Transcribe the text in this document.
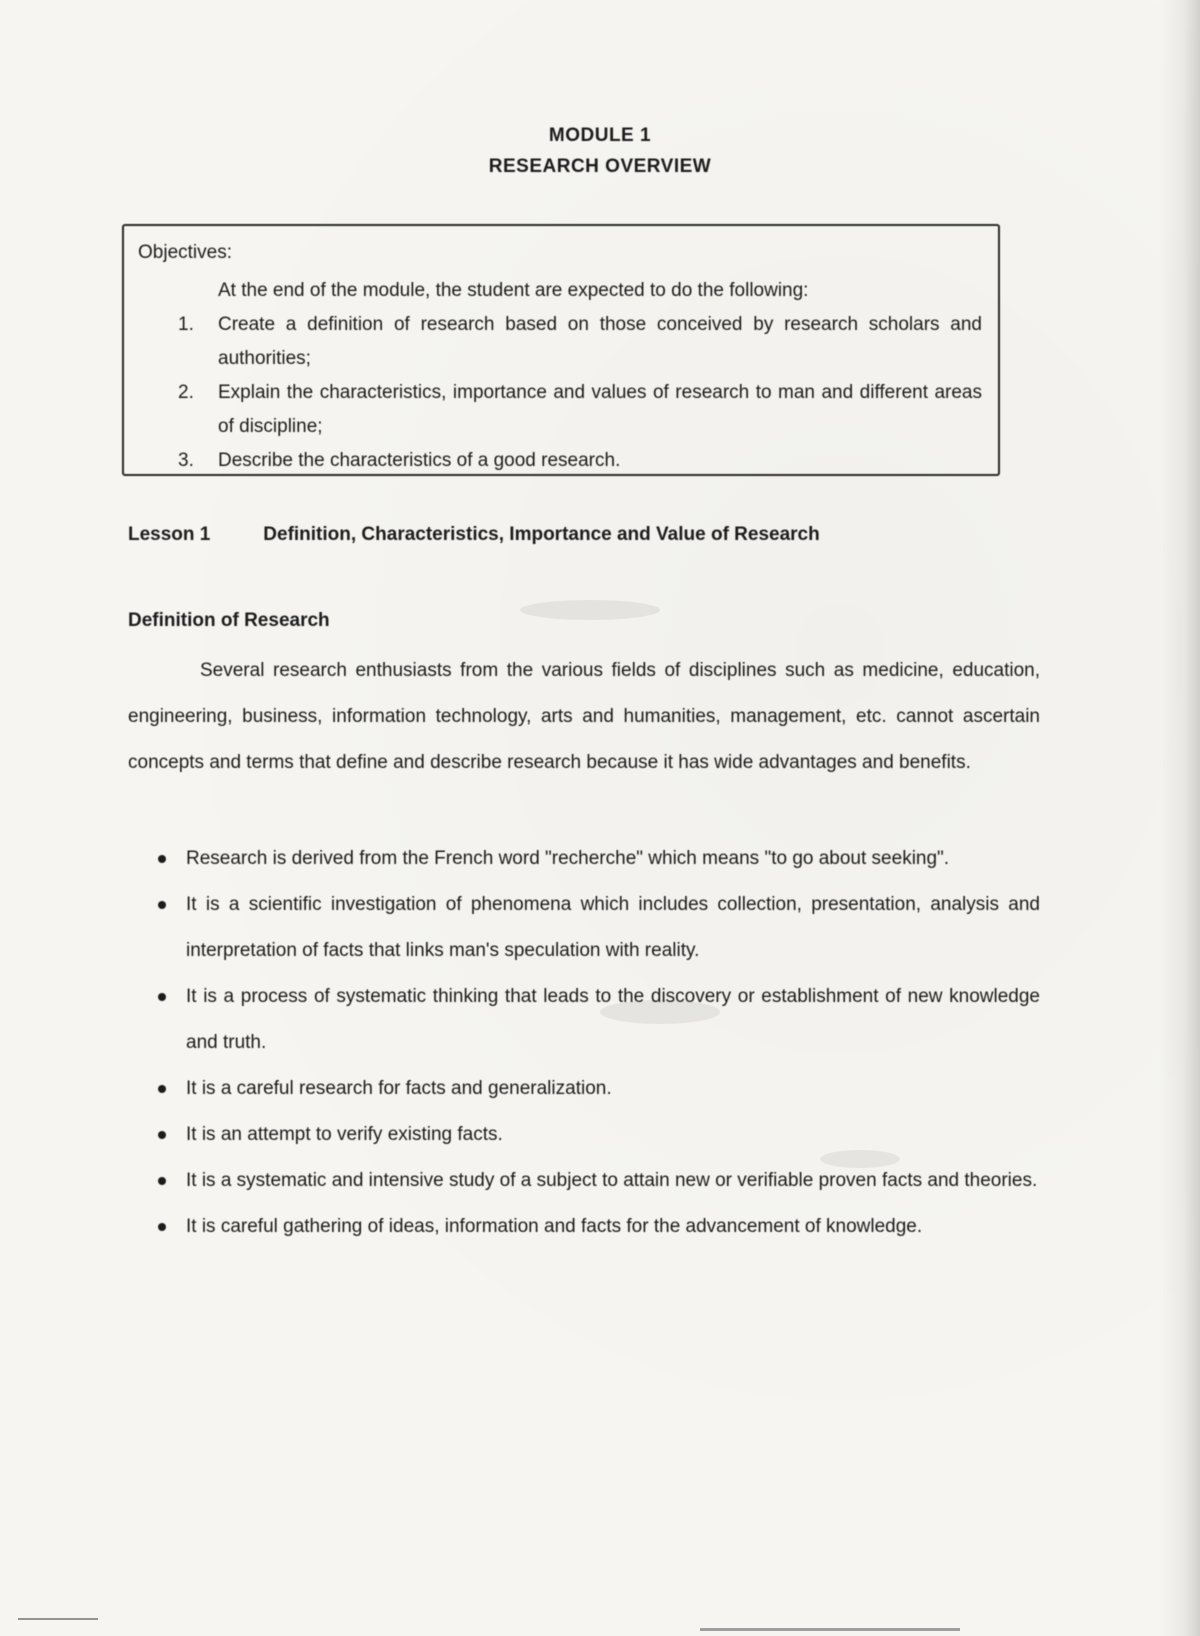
MODULE 1
RESEARCH OVERVIEW
Objectives:
At the end of the module, the student are expected to do the following:
1. Create a definition of research based on those conceived by research scholars and authorities;
2. Explain the characteristics, importance and values of research to man and different areas of discipline;
3. Describe the characteristics of a good research.
Lesson 1	Definition, Characteristics, Importance and Value of Research
Definition of Research

Several research enthusiasts from the various fields of disciplines such as medicine, education, engineering, business, information technology, arts and humanities, management, etc. cannot ascertain concepts and terms that define and describe research because it has wide advantages and benefits.

Research is derived from the French word "recherche" which means "to go about seeking".
It is a scientific investigation of phenomena which includes collection, presentation, analysis and interpretation of facts that links man's speculation with reality.
It is a process of systematic thinking that leads to the discovery or establishment of new knowledge and truth.
It is a careful research for facts and generalization.
It is an attempt to verify existing facts.
It is a systematic and intensive study of a subject to attain new or verifiable proven facts and theories.
It is careful gathering of ideas, information and facts for the advancement of knowledge.
